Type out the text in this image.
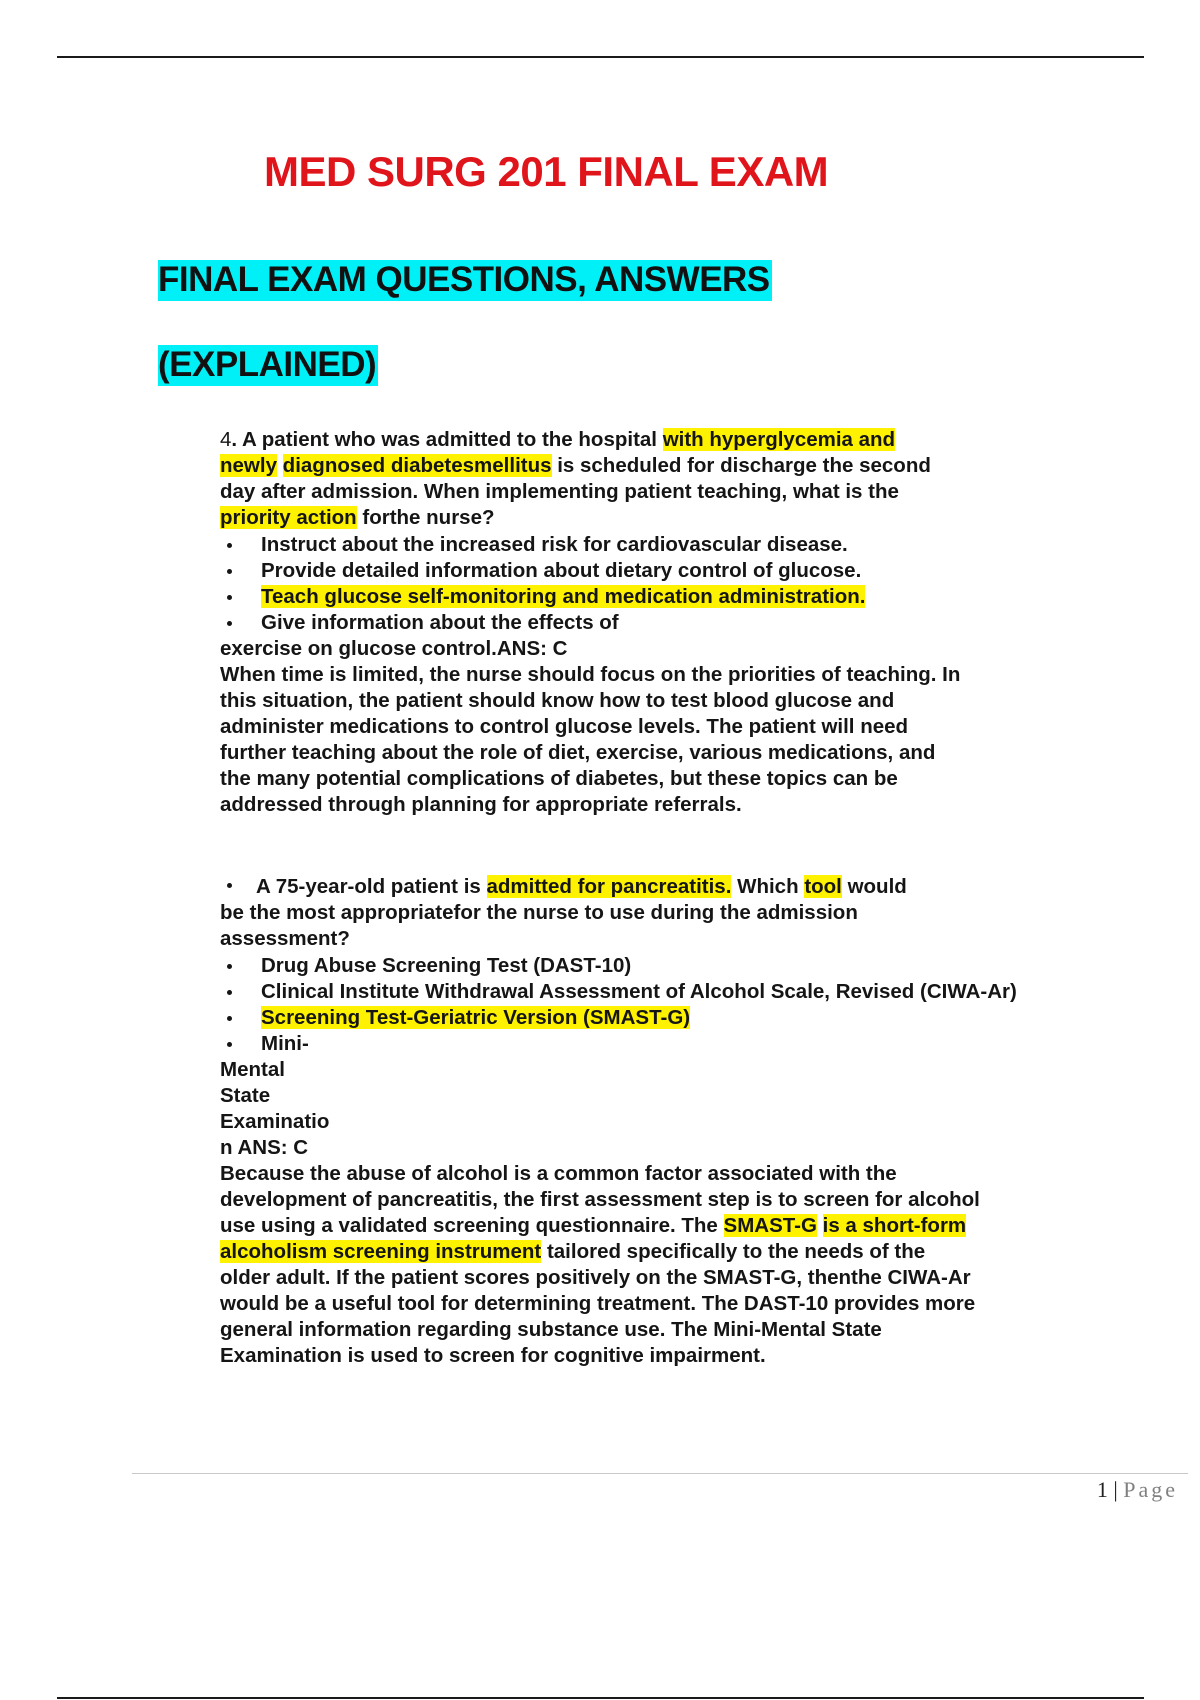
MED SURG 201 FINAL EXAM
FINAL EXAM QUESTIONS, ANSWERS
(EXPLAINED)

4. A patient who was admitted to the hospital with hyperglycemia and
newly diagnosed diabetesmellitus is scheduled for discharge the second day after admission. When implementing patient teaching, what is the priority action forthe nurse?

Instruct about the increased risk for cardiovascular disease.

Provide detailed information about dietary control of glucose.

Teach glucose self-monitoring and medication administration.

Give information about the effects of

exercise on glucose control.ANS: C

When time is limited, the nurse should focus on the priorities of teaching. In this situation, the patient should know how to test blood glucose and administer medications to control glucose levels. The patient will need further teaching about the role of diet, exercise, various medications, and the many potential complications of diabetes, but these topics can be addressed through planning for appropriate referrals.

A 75-year-old patient is admitted for pancreatitis. Which tool would be the most appropriatefor the nurse to use during the admission assessment?

Drug Abuse Screening Test (DAST-10)

Clinical Institute Withdrawal Assessment of Alcohol Scale, Revised (CIWA-Ar)

Screening Test-Geriatric Version (SMAST-G)

Mini-

Mental

State

Examinatio

n ANS: C

Because the abuse of alcohol is a common factor associated with the development of pancreatitis, the first assessment step is to screen for alcohol use using a validated screening questionnaire. The SMAST-G is a short-form alcoholism screening instrument tailored specifically to the needs of the older adult. If the patient scores positively on the SMAST-G, thenthe CIWA-Ar would be a useful tool for determining treatment. The DAST-10 provides more general information regarding substance use. The Mini-Mental State Examination is used to screen for cognitive impairment.

1 | Page
